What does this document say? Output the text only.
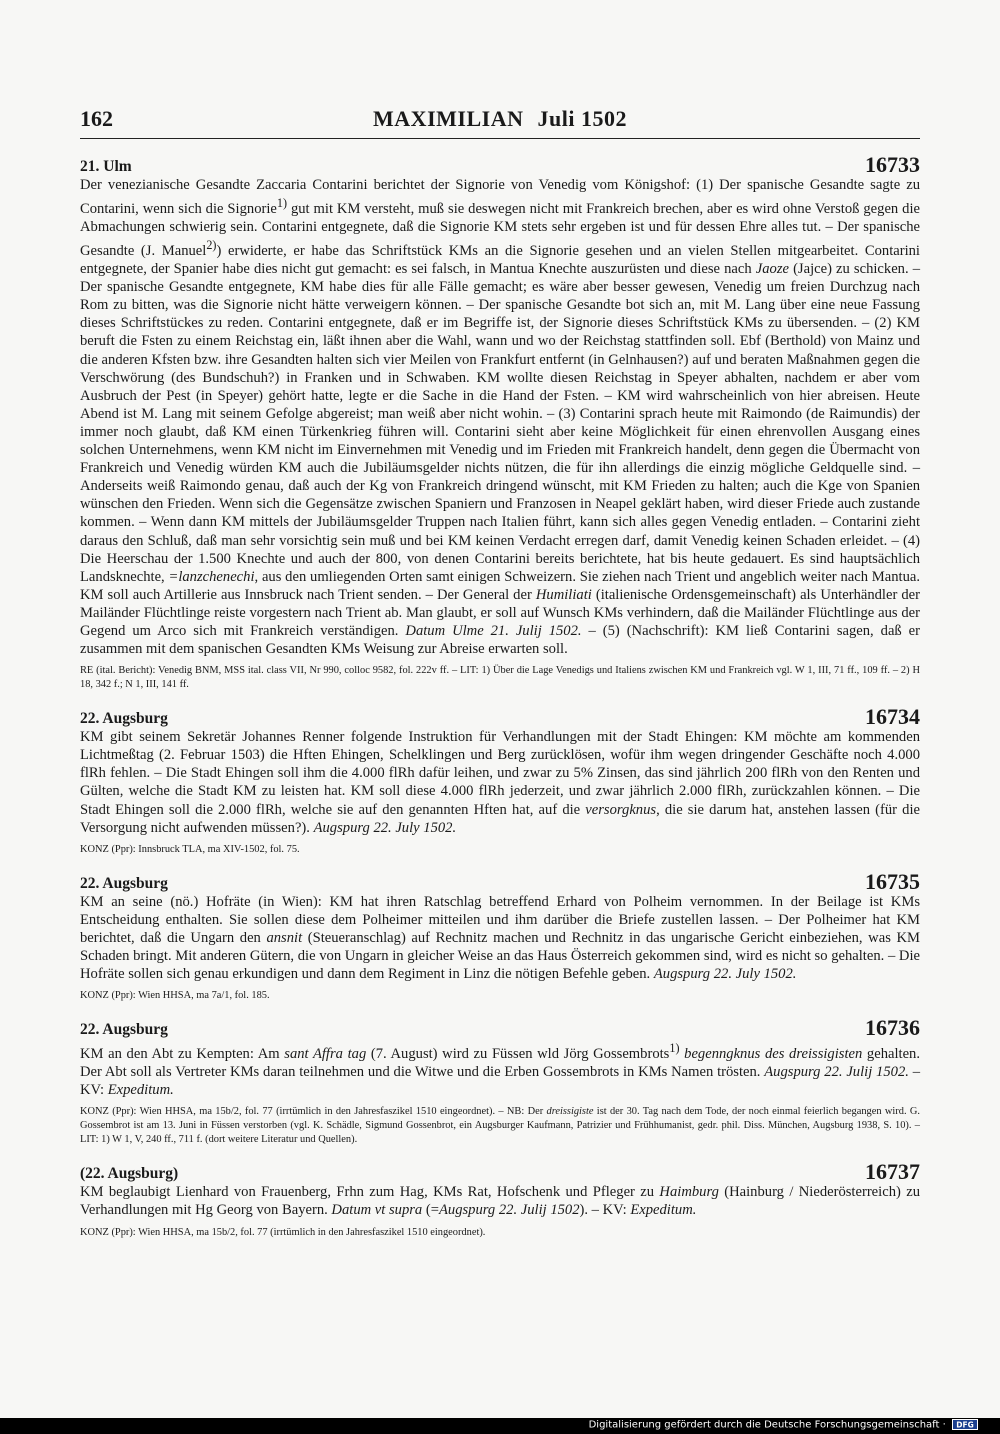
162	MAXIMILIAN Juli 1502
21. Ulm	16733

Der venezianische Gesandte Zaccaria Contarini berichtet der Signorie von Venedig vom Königshof: (1) Der spanische Gesandte sagte zu Contarini, wenn sich die Signorie$^{1)}$ gut mit KM versteht, muß sie deswegen nicht mit Frankreich brechen, aber es wird ohne Verstoß gegen die Abmachungen schwierig sein. Contarini entgegnete, daß die Signorie KM stets sehr ergeben ist und für dessen Ehre alles tut. – Der spanische Gesandte (J. Manuel$^{2)}$) erwiderte, er habe das Schriftstück KMs an die Signorie gesehen und an vielen Stellen mitgearbeitet. Contarini entgegnete, der Spanier habe dies nicht gut gemacht: es sei falsch, in Mantua Knechte auszurüsten und diese nach Jaoze (Jajce) zu schicken. – Der spanische Gesandte entgegnete, KM habe dies für alle Fälle gemacht; es wäre aber besser gewesen, Venedig um freien Durchzug nach Rom zu bitten, was die Signorie nicht hätte verweigern können. – Der spanische Gesandte bot sich an, mit M. Lang über eine neue Fassung dieses Schriftstückes zu reden. Contarini entgegnete, daß er im Begriffe ist, der Signorie dieses Schriftstück KMs zu übersenden. – (2) KM beruft die Fsten zu einem Reichstag ein, läßt ihnen aber die Wahl, wann und wo der Reichstag stattfinden soll. Ebf (Berthold) von Mainz und die anderen Kfsten bzw. ihre Gesandten halten sich vier Meilen von Frankfurt entfernt (in Gelnhausen?) auf und beraten Maßnahmen gegen die Verschwörung (des Bundschuh?) in Franken und in Schwaben. KM wollte diesen Reichstag in Speyer abhalten, nachdem er aber vom Ausbruch der Pest (in Speyer) gehört hatte, legte er die Sache in die Hand der Fsten. – KM wird wahrscheinlich von hier abreisen. Heute Abend ist M. Lang mit seinem Gefolge abgereist; man weiß aber nicht wohin. – (3) Contarini sprach heute mit Raimondo (de Raimundis) der immer noch glaubt, daß KM einen Türkenkrieg führen will. Contarini sieht aber keine Möglichkeit für einen ehrenvollen Ausgang eines solchen Unternehmens, wenn KM nicht im Einvernehmen mit Venedig und im Frieden mit Frankreich handelt, denn gegen die Übermacht von Frankreich und Venedig würden KM auch die Jubiläumsgelder nichts nützen, die für ihn allerdings die einzig mögliche Geldquelle sind. – Anderseits weiß Raimondo genau, daß auch der Kg von Frankreich dringend wünscht, mit KM Frieden zu halten; auch die Kge von Spanien wünschen den Frieden. Wenn sich die Gegensätze zwischen Spaniern und Franzosen in Neapel geklärt haben, wird dieser Friede auch zustande kommen. – Wenn dann KM mittels der Jubiläumsgelder Truppen nach Italien führt, kann sich alles gegen Venedig entladen. – Contarini zieht daraus den Schluß, daß man sehr vorsichtig sein muß und bei KM keinen Verdacht erregen darf, damit Venedig keinen Schaden erleidet. – (4) Die Heerschau der 1.500 Knechte und auch der 800, von denen Contarini bereits berichtete, hat bis heute gedauert. Es sind hauptsächlich Landsknechte, =lanzchenechi, aus den umliegenden Orten samt einigen Schweizern. Sie ziehen nach Trient und angeblich weiter nach Mantua. KM soll auch Artillerie aus Innsbruck nach Trient senden. – Der General der Humiliati (italienische Ordensgemeinschaft) als Unterhändler der Mailänder Flüchtlinge reiste vorgestern nach Trient ab. Man glaubt, er soll auf Wunsch KMs verhindern, daß die Mailänder Flüchtlinge aus der Gegend um Arco sich mit Frankreich verständigen. Datum Ulme 21. Julij 1502. – (5) (Nachschrift): KM ließ Contarini sagen, daß er zusammen mit dem spanischen Gesandten KMs Weisung zur Abreise erwarten soll.

RE (ital. Bericht): Venedig BNM, MSS ital. class VII, Nr 990, colloc 9582, fol. 222v ff. – LIT: 1) Über die Lage Venedigs und Italiens zwischen KM und Frankreich vgl. W 1, III, 71 ff., 109 ff. – 2) H 18, 342 f.; N 1, III, 141 ff.

22. Augsburg	16734

KM gibt seinem Sekretär Johannes Renner folgende Instruktion für Verhandlungen mit der Stadt Ehingen: KM möchte am kommenden Lichtmeßtag (2. Februar 1503) die Hften Ehingen, Schelklingen und Berg zurücklösen, wofür ihm wegen dringender Geschäfte noch 4.000 flRh fehlen. – Die Stadt Ehingen soll ihm die 4.000 flRh dafür leihen, und zwar zu 5% Zinsen, das sind jährlich 200 flRh von den Renten und Gülten, welche die Stadt KM zu leisten hat. KM soll diese 4.000 flRh jederzeit, und zwar jährlich 2.000 flRh, zurückzahlen können. – Die Stadt Ehingen soll die 2.000 flRh, welche sie auf den genannten Hften hat, auf die versorgknus, die sie darum hat, anstehen lassen (für die Versorgung nicht aufwenden müssen?). Augspurg 22. July 1502.

KONZ (Ppr): Innsbruck TLA, ma XIV-1502, fol. 75.

22. Augsburg	16735

KM an seine (nö.) Hofräte (in Wien): KM hat ihren Ratschlag betreffend Erhard von Polheim vernommen. In der Beilage ist KMs Entscheidung enthalten. Sie sollen diese dem Polheimer mitteilen und ihm darüber die Briefe zustellen lassen. – Der Polheimer hat KM berichtet, daß die Ungarn den ansnit (Steueranschlag) auf Rechnitz machen und Rechnitz in das ungarische Gericht einbeziehen, was KM Schaden bringt. Mit anderen Gütern, die von Ungarn in gleicher Weise an das Haus Österreich gekommen sind, wird es nicht so gehalten. – Die Hofräte sollen sich genau erkundigen und dann dem Regiment in Linz die nötigen Befehle geben. Augspurg 22. July 1502.

KONZ (Ppr): Wien HHSA, ma 7a/1, fol. 185.

22. Augsburg	16736

KM an den Abt zu Kempten: Am sant Affra tag (7. August) wird zu Füssen wld Jörg Gossembrots$^{1)}$ begenngknus des dreissigisten gehalten. Der Abt soll als Vertreter KMs daran teilnehmen und die Witwe und die Erben Gossembrots in KMs Namen trösten. Augspurg 22. Julij 1502. – KV: Expeditum.

KONZ (Ppr): Wien HHSA, ma 15b/2, fol. 77 (irrtümlich in den Jahresfaszikel 1510 eingeordnet). – NB: Der dreissigiste ist der 30. Tag nach dem Tode, der noch einmal feierlich begangen wird. G. Gossembrot ist am 13. Juni in Füssen verstorben (vgl. K. Schädle, Sigmund Gossenbrot, ein Augsburger Kaufmann, Patrizier und Frühhumanist, gedr. phil. Diss. München, Augsburg 1938, S. 10). – LIT: 1) W 1, V, 240 ff., 711 f. (dort weitere Literatur und Quellen).

(22. Augsburg)	16737

KM beglaubigt Lienhard von Frauenberg, Frhn zum Hag, KMs Rat, Hofschenk und Pfleger zu Haimburg (Hainburg / Niederösterreich) zu Verhandlungen mit Hg Georg von Bayern. Datum vt supra (=Augspurg 22. Julij 1502). – KV: Expeditum.

KONZ (Ppr): Wien HHSA, ma 15b/2, fol. 77 (irrtümlich in den Jahresfaszikel 1510 eingeordnet).

Digitalisierung gefördert durch die Deutsche Forschungsgemeinschaft · DFG
